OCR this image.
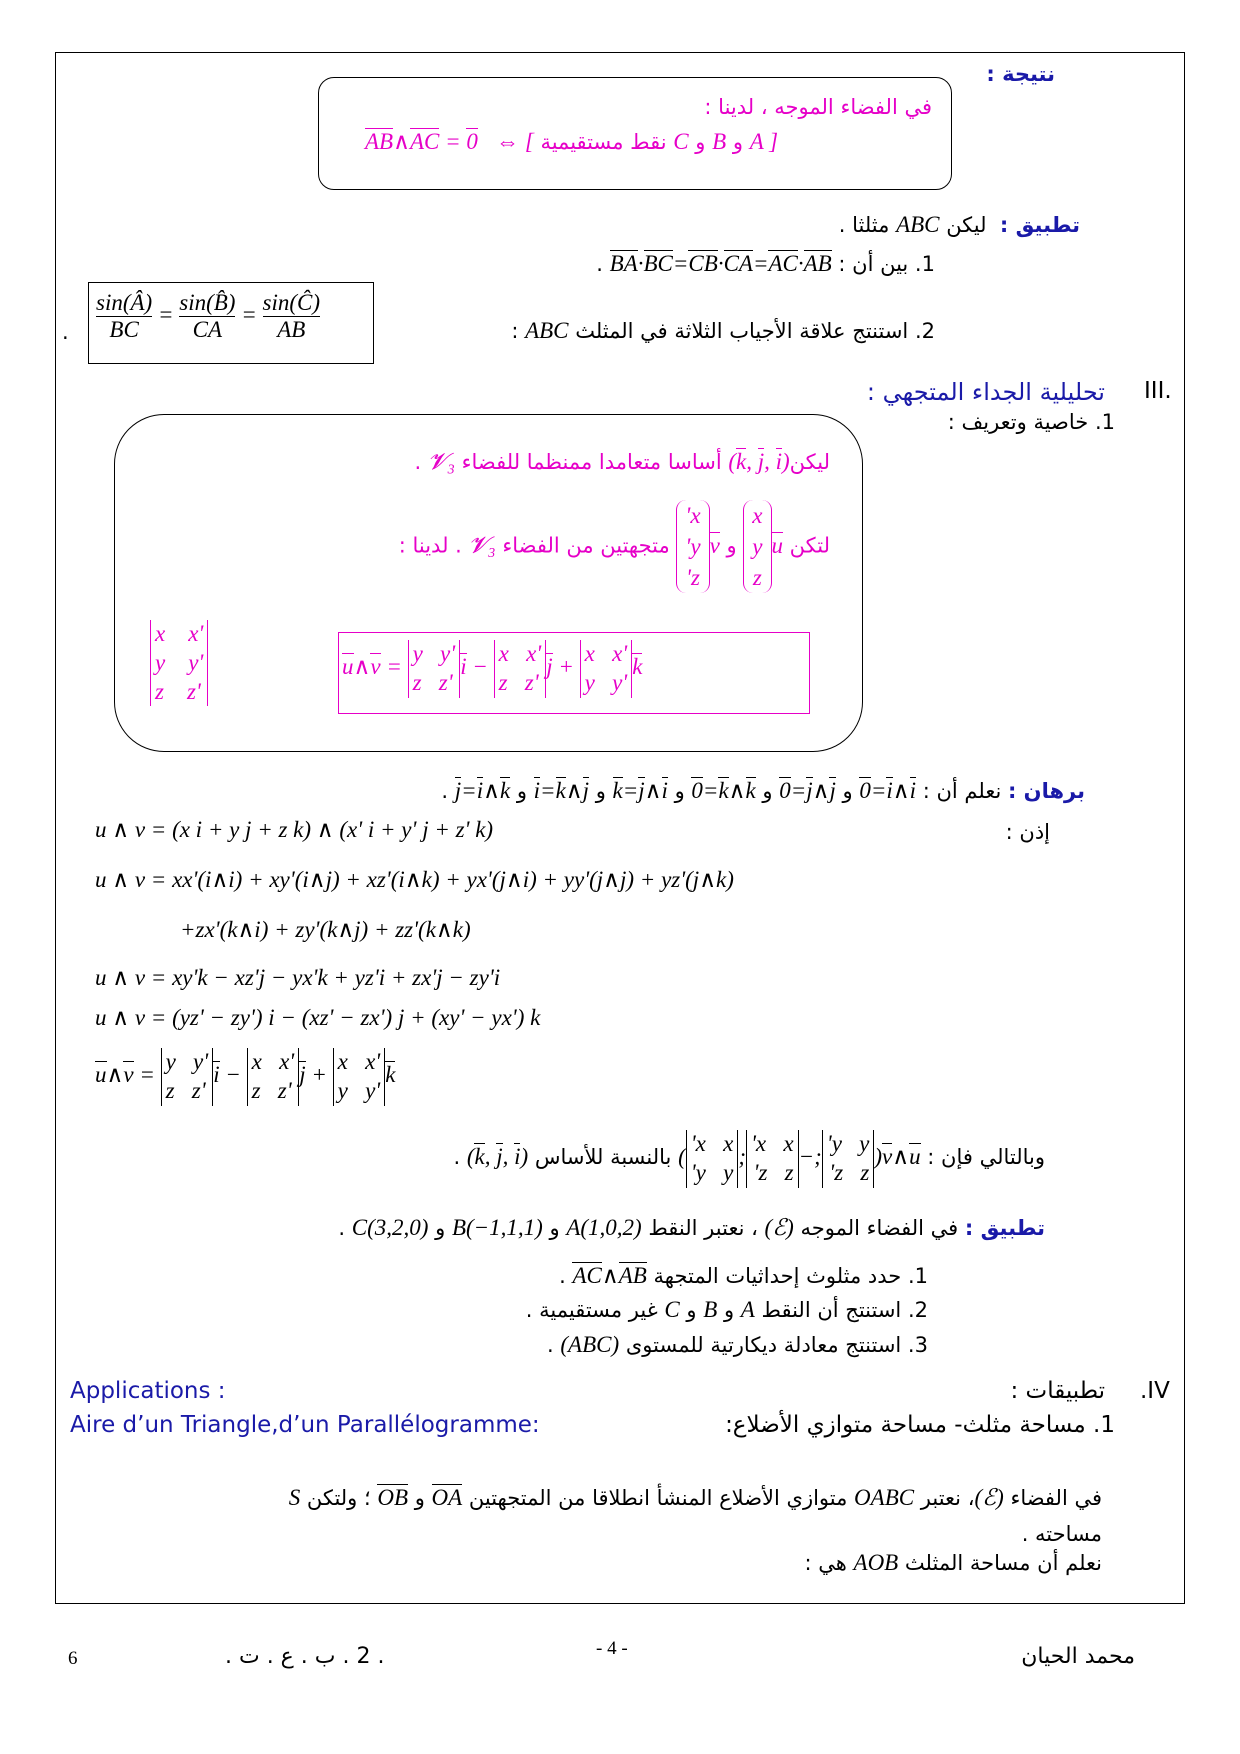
نتيجة :
في الفضاء الموجه ، لدينا :
AB∧AC = 0   ⇔ [ نقط مستقيمية C و B و A ]
تطبيق :  ليكن ABC مثلثا .
1. بين أن : AB·AC=CA·CB=BC·BA .
2. استنتج علاقة الأجياب الثلاثة في المثلث ABC :
$\frac{\sin(Â)}{BC} = \frac{\sin(B̂)}{CA} = \frac{\sin(Ĉ)}{AB}$
.
III.
تحليلية الجداء المتجهي :
1. خاصية وتعريف :
ليكن(i ,j ,k) أساسا متعامدا ممنظما للفضاء 𝓥₃ .
لتكن ux
y
z و vx'
y'
z' متجهتين من الفضاء 𝓥₃ . لدينا :
u∧v = y   y'
z   z'i − x   x'
z   z'j + x   x'
y   y'k
x    x'
y    y'
z    z'
برهان : نعلم أن : i∧i=0 و j∧j=0 و k∧k=0 و i∧j=k و j∧k=i و k∧i=j .
إذن :
u ∧ v = (x i + y j + z k) ∧ (x' i + y' j + z' k)
u ∧ v = xx'(i∧i) + xy'(i∧j) + xz'(i∧k) + yx'(j∧i) + yy'(j∧j) + yz'(j∧k)
+zx'(k∧i) + zy'(k∧j) + zz'(k∧k)
u ∧ v = xy'k − xz'j − yx'k + yz'i + zx'j − zy'i
u ∧ v = (yz' − zy') i − (xz' − zx') j + (xy' − yx') k
u∧v = y   y'
z   z'i − x   x'
z   z'j + x   x'
y   y'k
وبالتالي فإن : u∧v(y   y'
z   z';−x   x'
z   z';x   x'
y   y') بالنسبة للأساس (i ,j ,k) .
تطبيق : في الفضاء الموجه (ℰ) ، نعتبر النقط A(1,0,2) و B(−1,1,1) و C(3,2,0) .
1. حدد مثلوث إحداثيات المتجهة AB∧AC .
2. استنتج أن النقط A و B و C غير مستقيمية .
3. استنتج معادلة ديكارتية للمستوى (ABC) .
.IV
تطبيقات :
Applications :
1. مساحة مثلث- مساحة متوازي الأضلاع:
Aire d’un Triangle,d’un Parallélogramme:
في الفضاء (ℰ)، نعتبر OABC متوازي الأضلاع المنشأ انطلاقا من المتجهتين OA و OB ؛ ولتكن S
مساحته .
نعلم أن مساحة المثلث AOB هي :
6	. 2 . ب . ع . ت .	- 4 -	محمد الحيان
